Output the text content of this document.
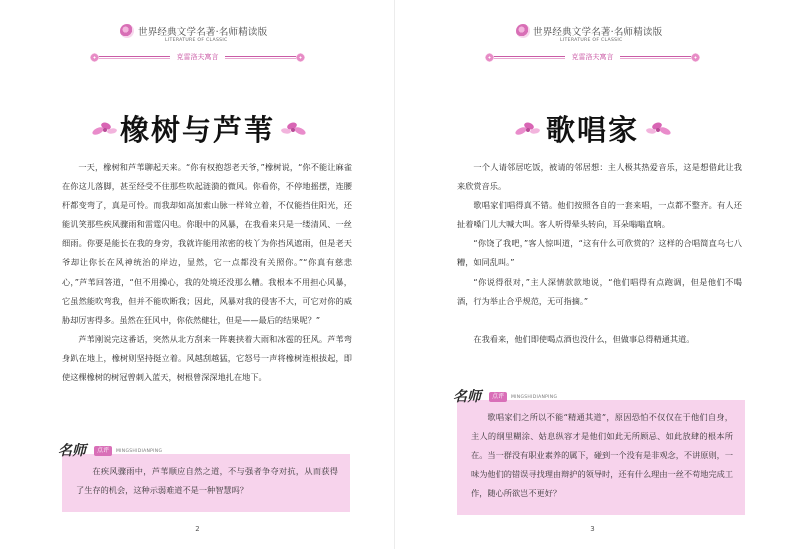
世界经典文学名著·名师精读版
LITERATURE OF CLASSIC
克雷洛夫寓言
橡树与芦苇

一天，橡树和芦苇聊起天来。“你有权抱怨老天爷，”橡树说，“你不能让麻雀在你这儿落脚，甚至经受不住那些吹起涟漪的微风。你看你，不停地摇摆，连腰杆都变弯了，真是可怜。而我却如高加索山脉一样耸立着，不仅能挡住阳光，还能讥笑那些疾风骤雨和雷霆闪电。你眼中的风暴，在我看来只是一缕清风、一丝细雨。你要是能长在我的身旁，我就许能用浓密的枝丫为你挡风遮雨，但是老天爷却让你长在风神统治的岸边，显然，它一点都没有关照你。”“你真有慈悲心，”芦苇回答道，“但不用操心，我的处境还没那么糟。我根本不用担心风暴，它虽然能吹弯我，但并不能吹断我；因此，风暴对我的侵害不大，可它对你的威胁却厉害得多。虽然在狂风中，你依然健壮，但是——最后的结果呢？”

芦苇刚说完这番话，突然从北方刮来一阵裹挟着大雨和冰雹的狂风。芦苇弯身趴在地上，橡树则坚持挺立着。风越刮越猛，它怒号一声将橡树连根拔起，即使这棵橡树的树冠曾刺入蓝天，树根曾深深地扎在地下。

名师	点评	MINGSHIDIANPING

在疾风骤雨中，芦苇顺应自然之道，不与强者争夺对抗，从而获得了生存的机会，这种示弱难道不是一种智慧吗？

2
世界经典文学名著·名师精读版
LITERATURE OF CLASSIC
克雷洛夫寓言
歌唱家

一个人请邻居吃饭，被请的邻居想：主人极其热爱音乐，这是想借此让我来欣赏音乐。

歌唱家们唱得真不错。他们按照各自的一套来唱，一点都不整齐。有人还扯着嗓门儿大喊大叫。客人听得晕头转向，耳朵嗡嗡直响。

“你饶了我吧，”客人惊叫道，“这有什么可欣赏的？这样的合唱简直乌七八糟，如同乱叫。”

“你说得很对，”主人深情款款地说，“他们唱得有点跑调，但是他们不喝酒，行为举止合乎规范，无可指摘。”

在我看来，他们即使喝点酒也没什么，但做事总得精通其道。

名师	点评	MINGSHIDIANPING

歌唱家们之所以不能“精通其道”，原因恐怕不仅仅在于他们自身，主人的纲里糊涂、姑息纵容才是他们如此无所顾忌、如此放肆的根本所在。当一群没有职业素养的属下，碰到一个没有是非观念，不讲原则，一味为他们的错误寻找理由辩护的领导时，还有什么理由一丝不苟地完成工作，随心所欲岂不更好？

3
